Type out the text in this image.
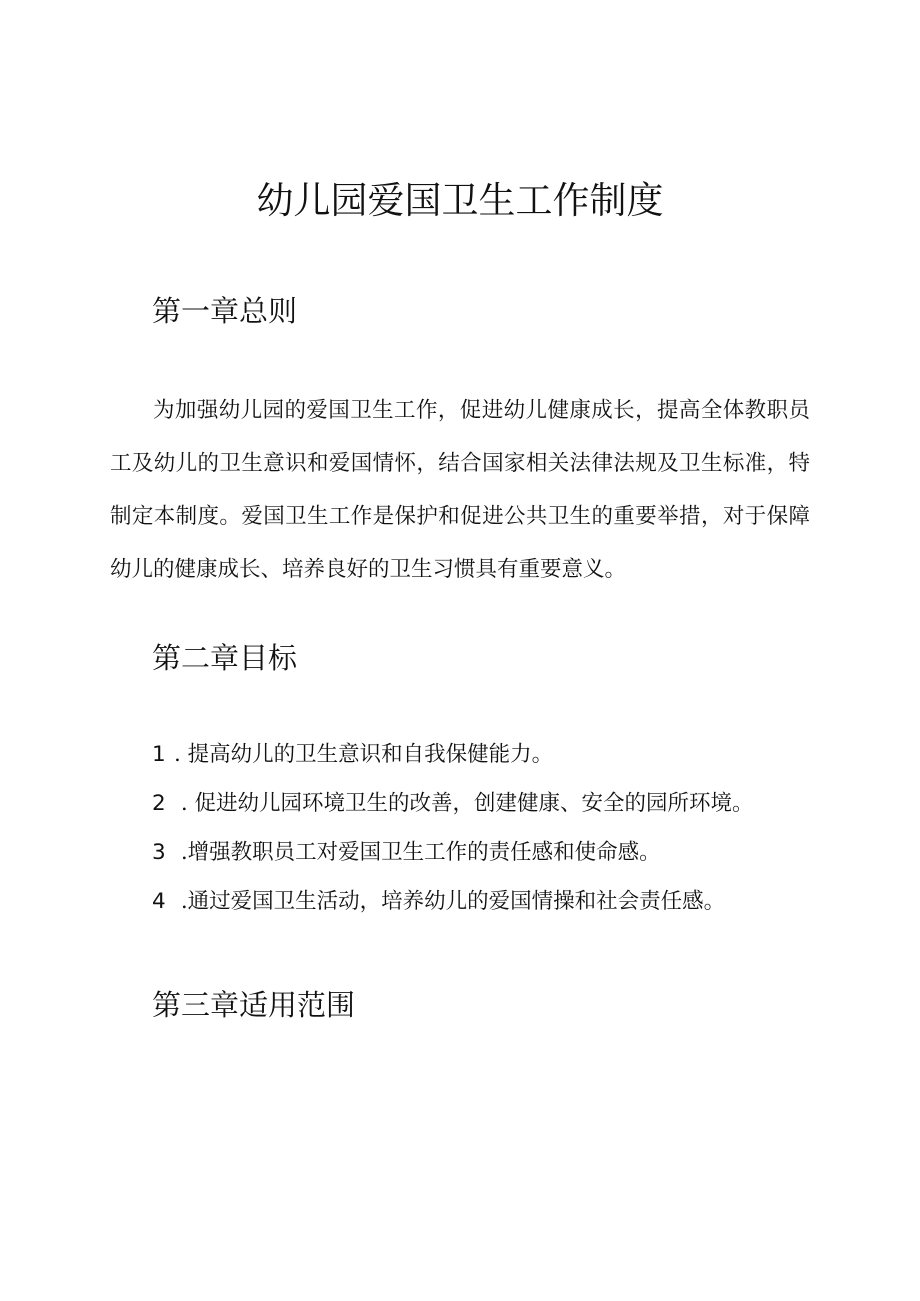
幼儿园爱国卫生工作制度
第一章总则

为加强幼儿园的爱国卫生工作，促进幼儿健康成长，提高全体教职员工及幼儿的卫生意识和爱国情怀，结合国家相关法律法规及卫生标准，特制定本制度。爱国卫生工作是保护和促进公共卫生的重要举措，对于保障幼儿的健康成长、培养良好的卫生习惯具有重要意义。

第二章目标
1 . 提高幼儿的卫生意识和自我保健能力。
2 . 促进幼儿园环境卫生的改善，创建健康、安全的园所环境。
3 .增强教职员工对爱国卫生工作的责任感和使命感。
4 .通过爱国卫生活动，培养幼儿的爱国情操和社会责任感。
第三章适用范围
